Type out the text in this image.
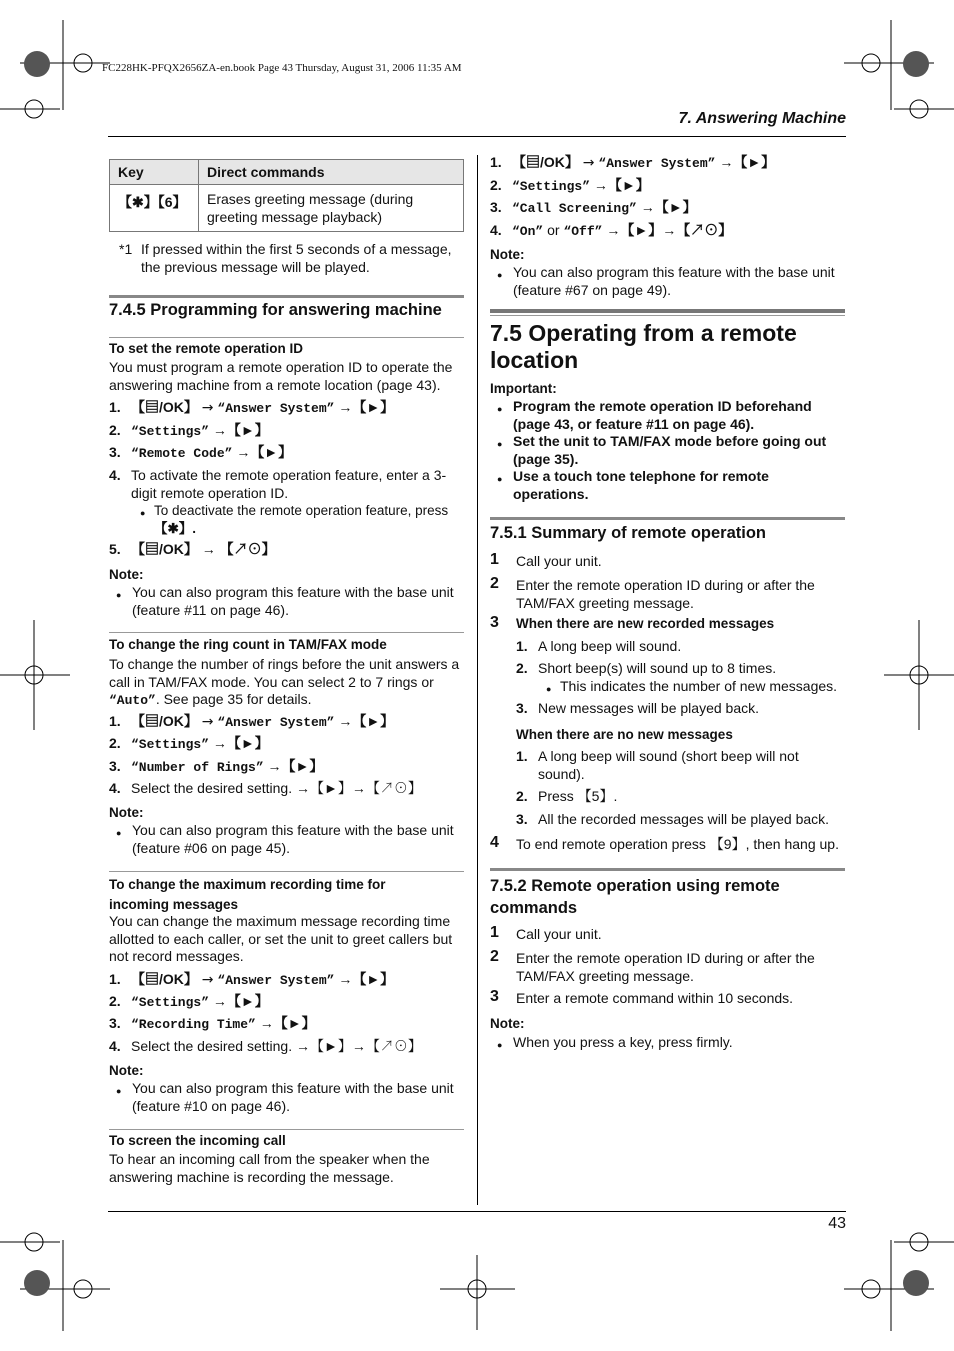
FC228HK-PFQX2656ZA-en.book Page 43 Thursday, August 31, 2006 11:35 AM
7. Answering Machine
Key	Direct commands
【✱】【6】	Erases greeting message (during
greeting message playback)
*1 If pressed within the first 5 seconds of a message,
the previous message will be played.
7.4.5 Programming for answering machine
To set the remote operation ID
You must program a remote operation ID to operate the
answering machine from a remote location (page 43).
1. 【▤/OK】 → “Answer System” →【►】
2. “Settings” →【►】
3. “Remote Code” →【►】
4. To activate the remote operation feature, enter a 3-
digit remote operation ID.
● To deactivate the remote operation feature, press
【✱】.
5. 【▤/OK】 → 【↗⊙】
Note:
● You can also program this feature with the base unit
(feature #11 on page 46).
To change the ring count in TAM/FAX mode
To change the number of rings before the unit answers a
call in TAM/FAX mode. You can select 2 to 7 rings or
“Auto”. See page 35 for details.
1. 【▤/OK】 → “Answer System” →【►】
2. “Settings” →【►】
3. “Number of Rings” →【►】
4. Select the desired setting. →【►】→【↗⊙】
Note:
● You can also program this feature with the base unit
(feature #06 on page 45).
To change the maximum recording time for
incoming messages
You can change the maximum message recording time
allotted to each caller, or set the unit to greet callers but
not record messages.
1. 【▤/OK】 → “Answer System” →【►】
2. “Settings” →【►】
3. “Recording Time” →【►】
4. Select the desired setting. →【►】→【↗⊙】
Note:
● You can also program this feature with the base unit
(feature #10 on page 46).
To screen the incoming call
To hear an incoming call from the speaker when the
answering machine is recording the message.
1. 【▤/OK】 → “Answer System” →【►】
2. “Settings” →【►】
3. “Call Screening” →【►】
4. “On” or “Off” →【►】→【↗⊙】
Note:
● You can also program this feature with the base unit
(feature #67 on page 49).
7.5 Operating from a remote
location
Important:
● Program the remote operation ID beforehand
(page 43, or feature #11 on page 46).
● Set the unit to TAM/FAX mode before going out
(page 35).
● Use a touch tone telephone for remote
operations.
7.5.1 Summary of remote operation
1 Call your unit.
2 Enter the remote operation ID during or after the
TAM/FAX greeting message.
3 When there are new recorded messages
1. A long beep will sound.
2. Short beep(s) will sound up to 8 times.
● This indicates the number of new messages.
3. New messages will be played back.
When there are no new messages
1. A long beep will sound (short beep will not
sound).
2. Press 【5】.
3. All the recorded messages will be played back.
4 To end remote operation press 【9】, then hang up.
7.5.2 Remote operation using remote
commands
1 Call your unit.
2 Enter the remote operation ID during or after the
TAM/FAX greeting message.
3 Enter a remote command within 10 seconds.
Note:
● When you press a key, press firmly.
43
